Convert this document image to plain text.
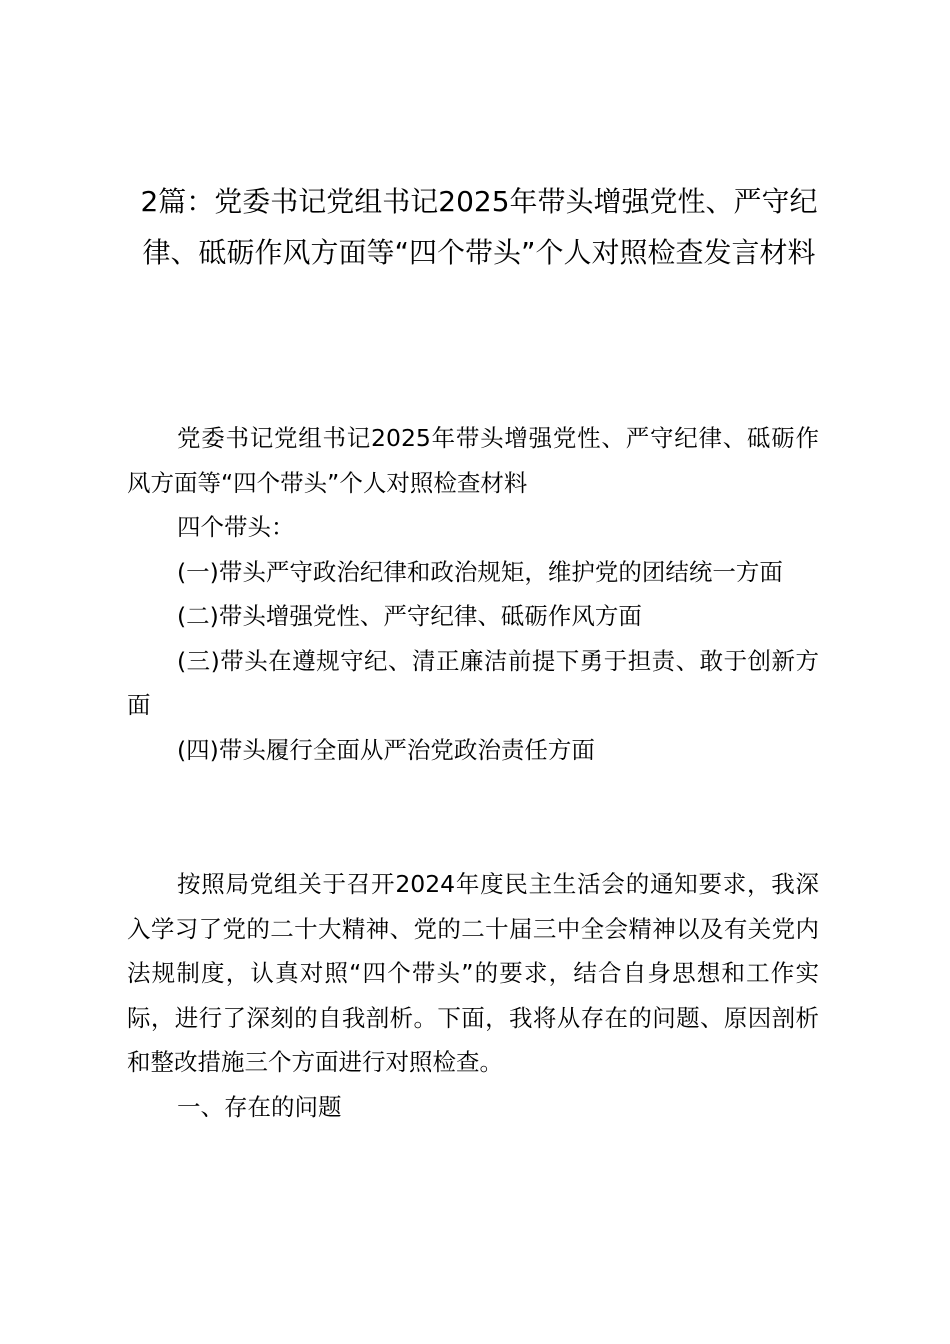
2篇：党委书记党组书记2025年带头增强党性、严守纪律、砥砺作风方面等“四个带头”个人对照检查发言材料

党委书记党组书记2025年带头增强党性、严守纪律、砥砺作风方面等“四个带头”个人对照检查材料

四个带头：

(一)带头严守政治纪律和政治规矩，维护党的团结统一方面

(二)带头增强党性、严守纪律、砥砺作风方面

(三)带头在遵规守纪、清正廉洁前提下勇于担责、敢于创新方面

(四)带头履行全面从严治党政治责任方面

按照局党组关于召开2024年度民主生活会的通知要求，我深入学习了党的二十大精神、党的二十届三中全会精神以及有关党内法规制度，认真对照“四个带头”的要求，结合自身思想和工作实际，进行了深刻的自我剖析。下面，我将从存在的问题、原因剖析和整改措施三个方面进行对照检查。

一、存在的问题
